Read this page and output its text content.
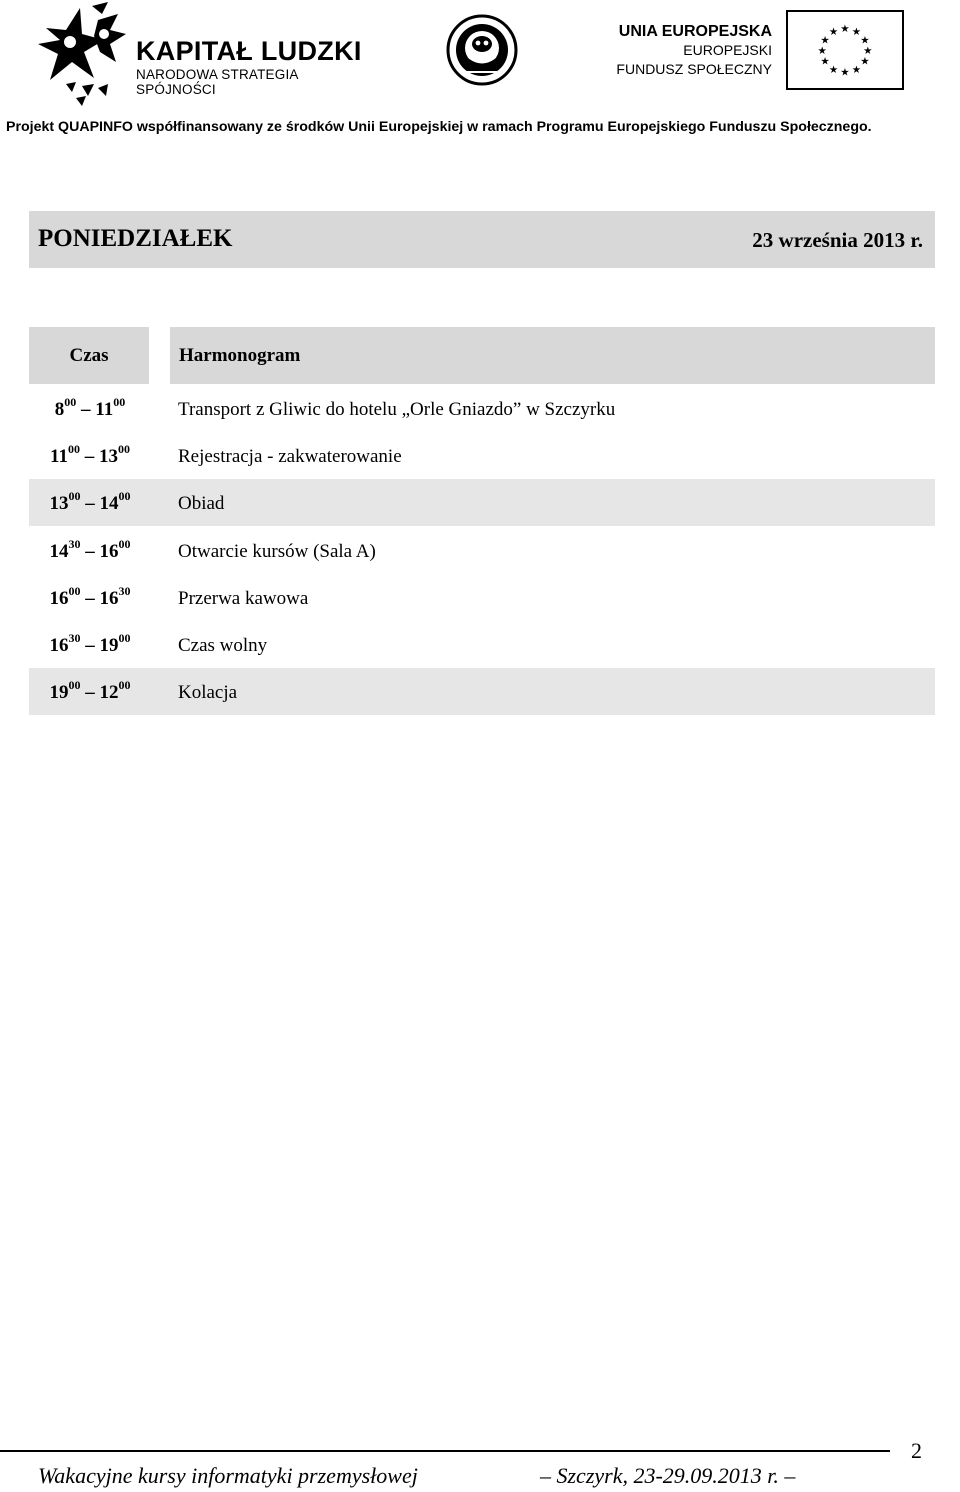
KAPITAŁ LUDZKI
NARODOWA STRATEGIA SPÓJNOŚCI
UNIA EUROPEJSKA
EUROPEJSKI
FUNDUSZ SPOŁECZNY
★ ★
★
★
★
★
★
★
★
★
★
★
Projekt QUAPINFO współfinansowany ze środków Unii Europejskiej w ramach Programu Europejskiego Funduszu Społecznego.
PONIEDZIAŁEK	23 września 2013 r.
Czas	Harmonogram
$8^{00} - 11^{00}$	Transport z Gliwic do hotelu „Orle Gniazdo” w Szczyrku
$11^{00} - 13^{00}$	Rejestracja - zakwaterowanie
$13^{00} - 14^{00}$	Obiad
$14^{30} - 16^{00}$	Otwarcie kursów (Sala A)
$16^{00} - 16^{30}$	Przerwa kawowa
$16^{30} - 19^{00}$	Czas wolny
$19^{00} - 12^{00}$	Kolacja
2
Wakacyjne kursy informatyki przemysłowej	– Szczyrk, 23-29.09.2013 r. –
